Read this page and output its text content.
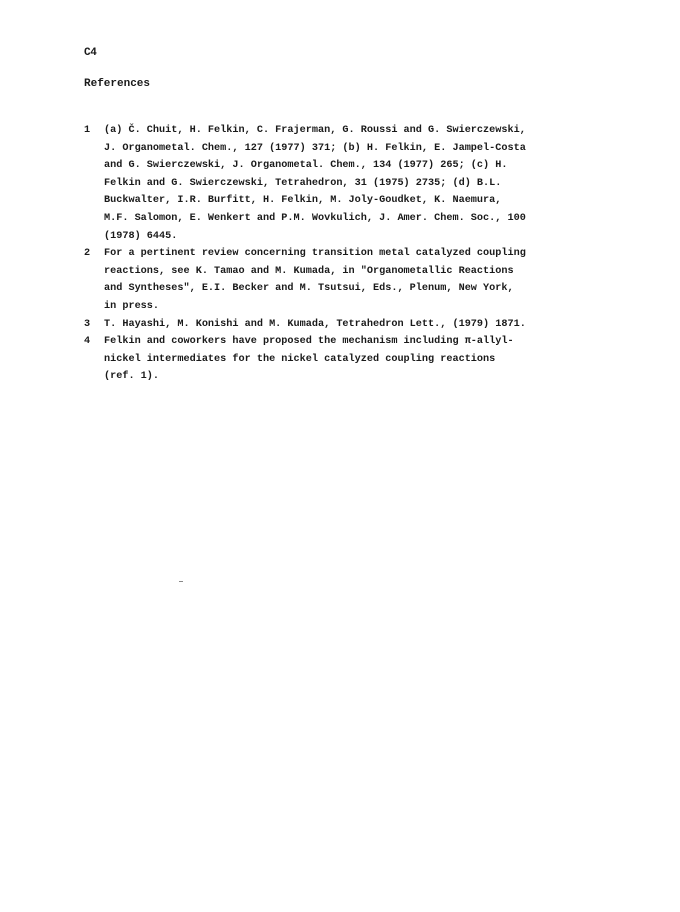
C4
References
1	(a) Č. Chuit, H. Felkin, C. Frajerman, G. Roussi and G. Swierczewski,
J. Organometal. Chem., 127 (1977) 371; (b) H. Felkin, E. Jampel-Costa
and G. Swierczewski, J. Organometal. Chem., 134 (1977) 265; (c) H.
Felkin and G. Swierczewski, Tetrahedron, 31 (1975) 2735; (d) B.L.
Buckwalter, I.R. Burfitt, H. Felkin, M. Joly-Goudket, K. Naemura,
M.F. Salomon, E. Wenkert and P.M. Wovkulich, J. Amer. Chem. Soc., 100
(1978) 6445.
2	For a pertinent review concerning transition metal catalyzed coupling
reactions, see K. Tamao and M. Kumada, in "Organometallic Reactions
and Syntheses", E.I. Becker and M. Tsutsui, Eds., Plenum, New York,
in press.
3	T. Hayashi, M. Konishi and M. Kumada, Tetrahedron Lett., (1979) 1871.
4	Felkin and coworkers have proposed the mechanism including π-allyl-
nickel intermediates for the nickel catalyzed coupling reactions
(ref. 1).
